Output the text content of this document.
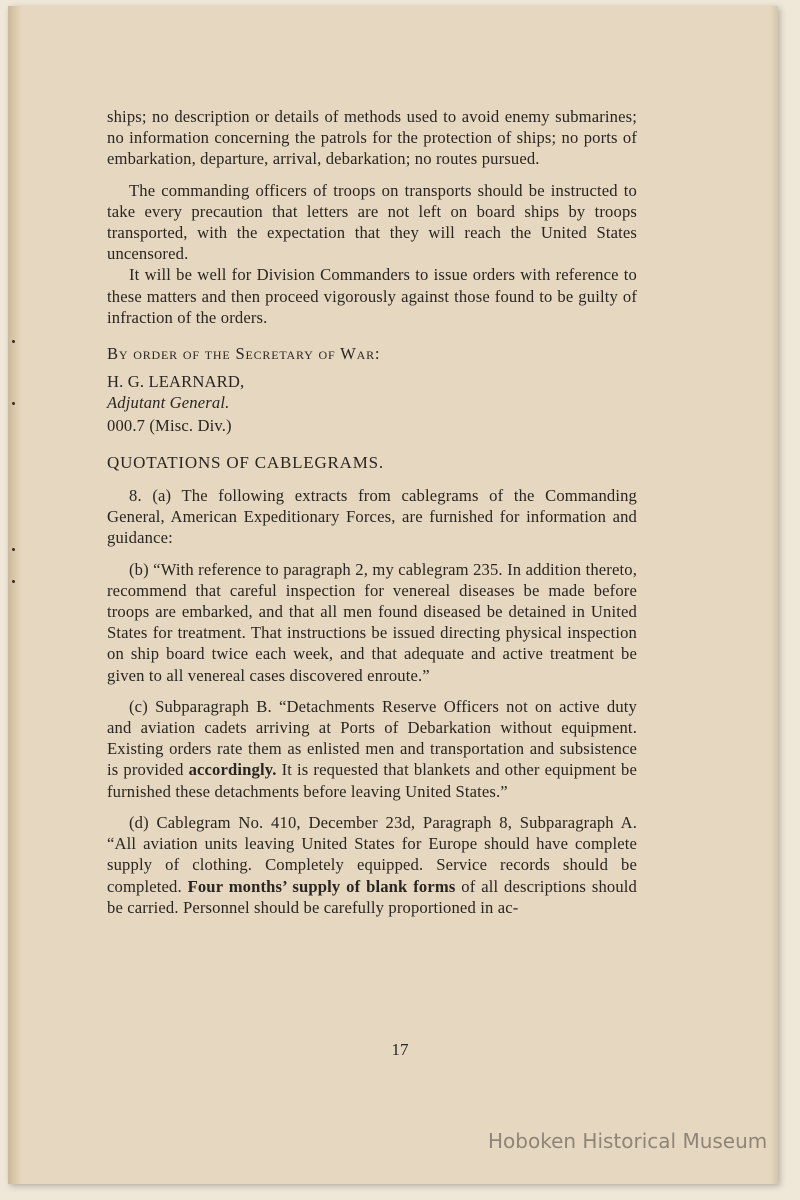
ships; no description or details of methods used to avoid enemy submarines; no information concerning the patrols for the protection of ships; no ports of embarkation, departure, arrival, debarkation; no routes pursued.

The commanding officers of troops on transports should be instructed to take every precaution that letters are not left on board ships by troops transported, with the expectation that they will reach the United States uncensored.

It will be well for Division Commanders to issue orders with reference to these matters and then proceed vigorously against those found to be guilty of infraction of the orders.

By order of the Secretary of War:

H. G. LEARNARD,

Adjutant General.

000.7 (Misc. Div.)

QUOTATIONS OF CABLEGRAMS.

8. (a) The following extracts from cablegrams of the Commanding General, American Expeditionary Forces, are furnished for information and guidance:

(b) “With reference to paragraph 2, my cablegram 235. In addition thereto, recommend that careful inspection for venereal diseases be made before troops are embarked, and that all men found diseased be detained in United States for treatment. That instructions be issued directing physical inspection on ship board twice each week, and that adequate and active treatment be given to all venereal cases discovered enroute.”

(c) Subparagraph B. “Detachments Reserve Officers not on active duty and aviation cadets arriving at Ports of Debarkation without equipment. Existing orders rate them as enlisted men and transportation and subsistence is provided accordingly. It is requested that blankets and other equipment be furnished these detachments before leaving United States.”

(d) Cablegram No. 410, December 23d, Paragraph 8, Subparagraph A. “All aviation units leaving United States for Europe should have complete supply of clothing. Completely equipped. Service records should be completed. Four months’ supply of blank forms of all descriptions should be carried. Personnel should be carefully proportioned in ac-

17
Hoboken Historical Museum
